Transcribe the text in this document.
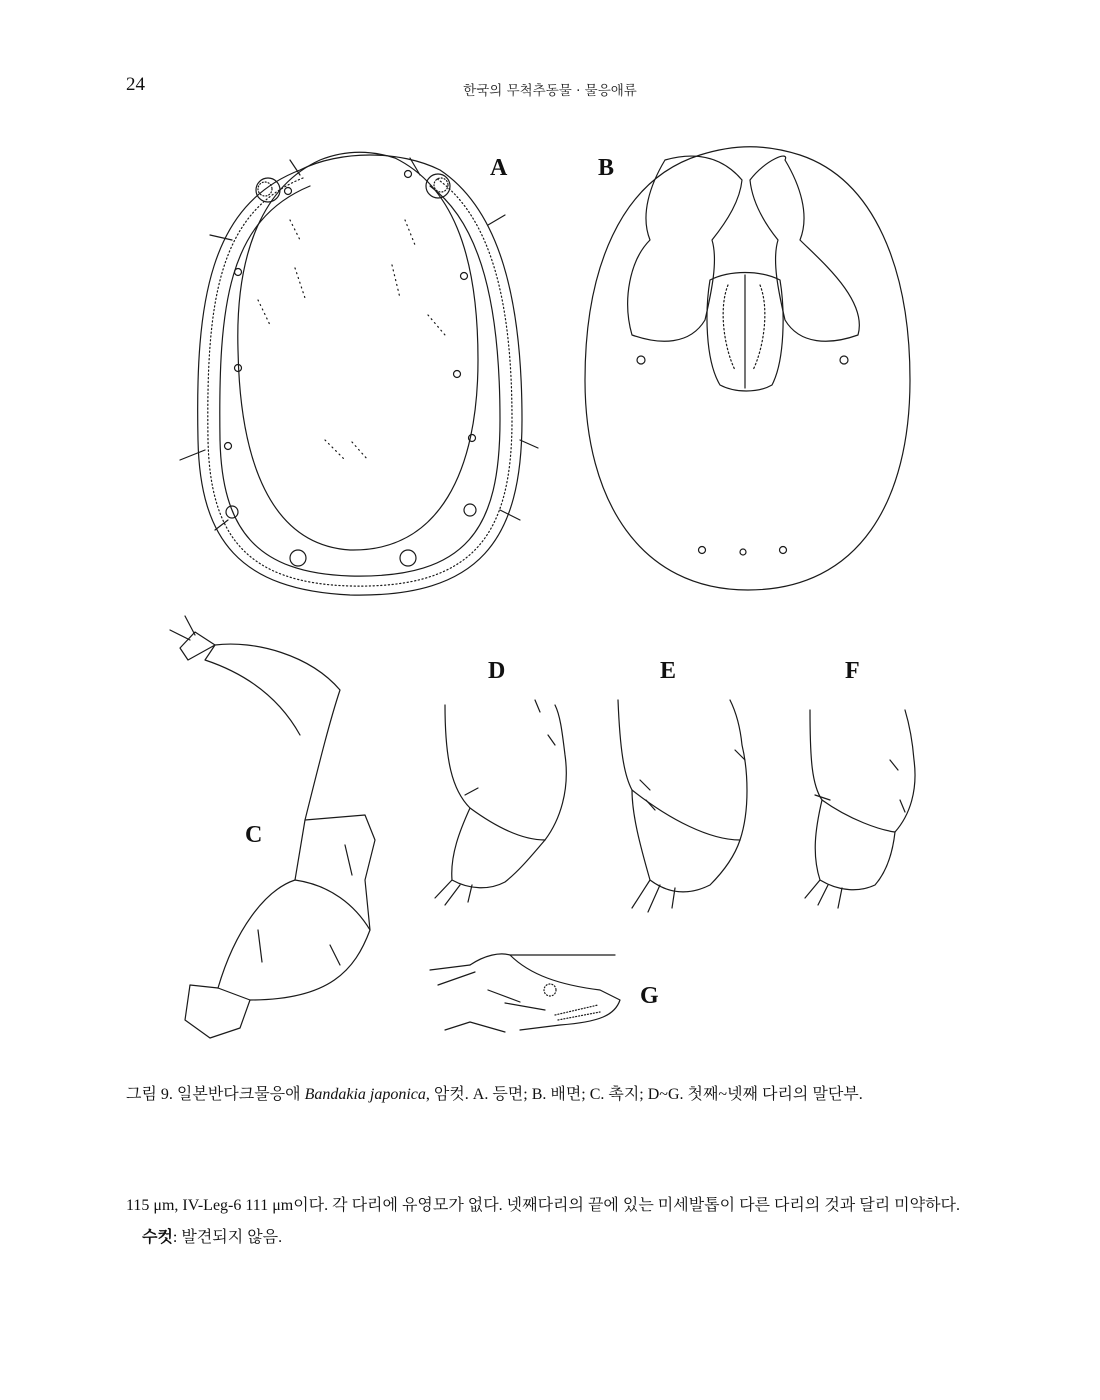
24	한국의 무척추동물 · 물응애류
A	B
C
D	E	F
G
그림 9. 일본반다크물응애 Bandakia japonica, 암컷. A. 등면; B. 배면; C. 촉지; D~G. 첫째~넷째 다리의 말단부.

115 μm, IV-Leg-6 111 μm이다. 각 다리에 유영모가 없다. 넷째다리의 끝에 있는 미세발톱이 다른 다리의 것과 달리 미약하다.

수컷: 발견되지 않음.
